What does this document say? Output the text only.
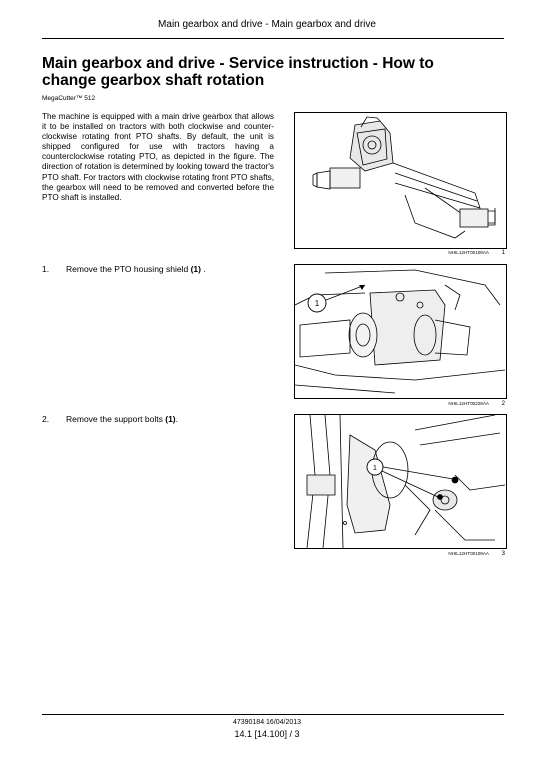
Main gearbox and drive - Main gearbox and drive
Main gearbox and drive - Service instruction - How to change gearbox shaft rotation
MegaCutter™ 512
The machine is equipped with a main drive gearbox that allows it to be installed on tractors with both clockwise and counter-clockwise rotating front PTO shafts. By default, the unit is shipped configured for use with tractors having a counterclockwise rotating PTO, as depicted in the figure. The direction of rotation is determined by looking toward the tractor's PTO shaft. For tractors with clockwise rotating front PTO shafts, the gearbox will need to be removed and converted before the PTO shaft is installed.
NHIL12HT00108AA 1
1. Remove the PTO housing shield (1) .
1
NHIL12HT00228AA 2
2. Remove the support bolts (1).
1
NHIL12HT00109AA 3
47390184 16/04/2013
14.1 [14.100] / 3
